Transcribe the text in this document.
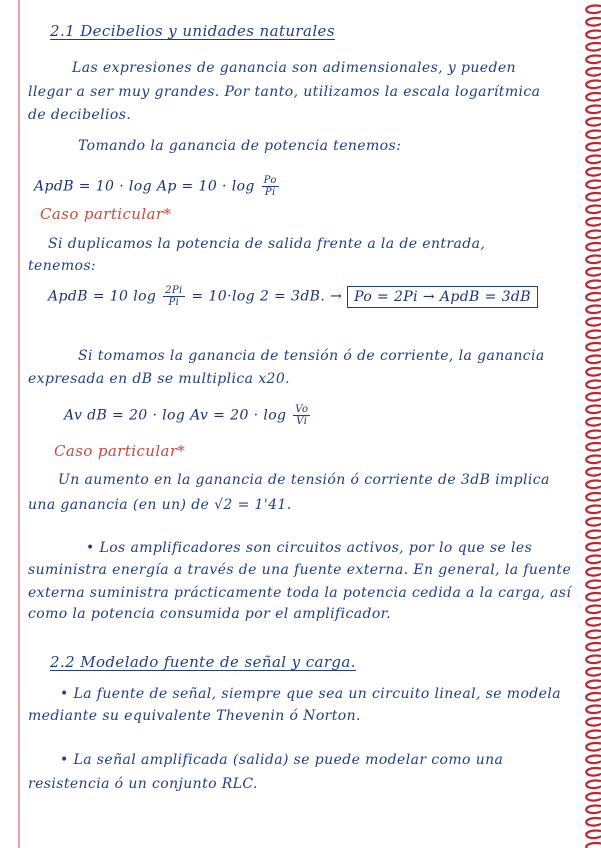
2.1 Decibelios y unidades naturales
Las expresiones de ganancia son adimensionales, y pueden
llegar a ser muy grandes. Por tanto, utilizamos la escala logarítmica
de decibelios.
Tomando la ganancia de potencia tenemos:
ApdB = $10 \cdot \log Ap = 10 \cdot \log \frac{Po}{Pi}$
Caso particular*
Si duplicamos la potencia de salida frente a la de entrada,
tenemos:
ApdB = 10 $\log \frac{2Pi}{Pi} = 10\cdot\log$ 2 = 3dB. → Po = 2Pi → ApdB = 3dB
Si tomamos la ganancia de tensión ó de corriente, la ganancia
expresada en dB se multiplica x20.
Av dB = $20 \cdot \log Av = 20 \cdot \log \frac{Vo}{Vi}$
Caso particular*
Un aumento en la ganancia de tensión ó corriente de 3dB implica
una ganancia (en un) de √2 = 1'41.
• Los amplificadores son circuitos activos, por lo que se les
suministra energía a través de una fuente externa. En general, la fuente
externa suministra prácticamente toda la potencia cedida a la carga, así
como la potencia consumida por el amplificador.
2.2 Modelado fuente de señal y carga.
• La fuente de señal, siempre que sea un circuito lineal, se modela
mediante su equivalente Thevenin ó Norton.
• La señal amplificada (salida) se puede modelar como una
resistencia ó un conjunto RLC.
